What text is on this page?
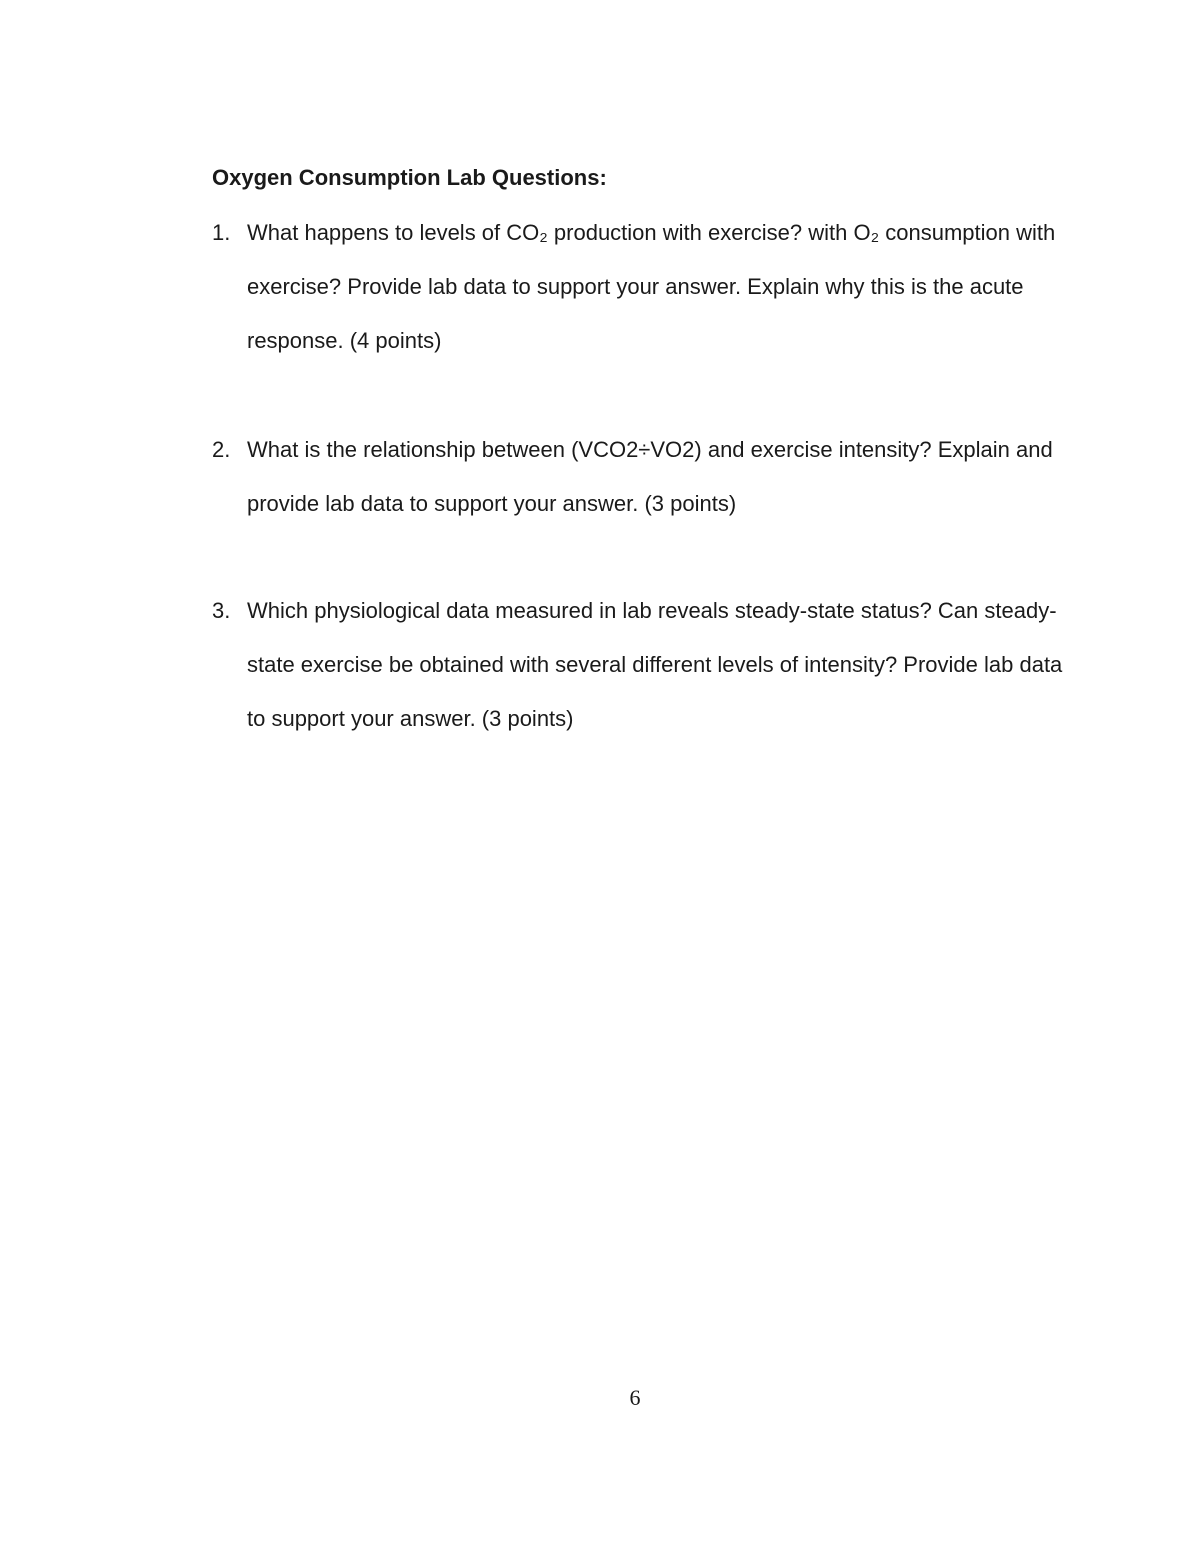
Oxygen Consumption Lab Questions:
1. What happens to levels of CO₂ production with exercise? with O₂ consumption with exercise? Provide lab data to support your answer. Explain why this is the acute response. (4 points)
2. What is the relationship between (VCO2÷VO2) and exercise intensity? Explain and provide lab data to support your answer. (3 points)
3. Which physiological data measured in lab reveals steady-state status? Can steady-state exercise be obtained with several different levels of intensity? Provide lab data to support your answer. (3 points)
6
